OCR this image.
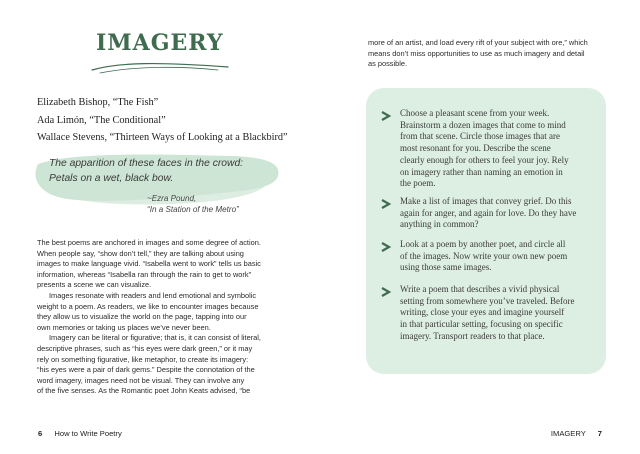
IMAGERY
Elizabeth Bishop, “The Fish”
Ada Limón, “The Conditional”
Wallace Stevens, “Thirteen Ways of Looking at a Blackbird”
The apparition of these faces in the crowd:
Petals on a wet, black bow.
~Ezra Pound,
“In a Station of the Metro”

The best poems are anchored in images and some degree of action.

When people say, “show don’t tell,” they are talking about using

images to make language vivid. “Isabella went to work” tells us basic

information, whereas “Isabella ran through the rain to get to work”

presents a scene we can visualize.

Images resonate with readers and lend emotional and symbolic

weight to a poem. As readers, we like to encounter images because

they allow us to visualize the world on the page, tapping into our

own memories or taking us places we’ve never been.

Imagery can be literal or figurative; that is, it can consist of literal,

descriptive phrases, such as “his eyes were dark green,” or it may

rely on something figurative, like metaphor, to create its imagery:

“his eyes were a pair of dark gems.” Despite the connotation of the

word imagery, images need not be visual. They can involve any

of the five senses. As the Romantic poet John Keats advised, “be

6 How to Write Poetry

more of an artist, and load every rift of your subject with ore,” which

means don’t miss opportunities to use as much imagery and detail

as possible.

Choose a pleasant scene from your week.
Brainstorm a dozen images that come to mind
from that scene. Circle those images that are
most resonant for you. Describe the scene
clearly enough for others to feel your joy. Rely
on imagery rather than naming an emotion in
the poem.
Make a list of images that convey grief. Do this
again for anger, and again for love. Do they have
anything in common?
Look at a poem by another poet, and circle all
of the images. Now write your own new poem
using those same images.
Write a poem that describes a vivid physical
setting from somewhere you’ve traveled. Before
writing, close your eyes and imagine yourself
in that particular setting, focusing on specific
imagery. Transport readers to that place.
IMAGERY 7
